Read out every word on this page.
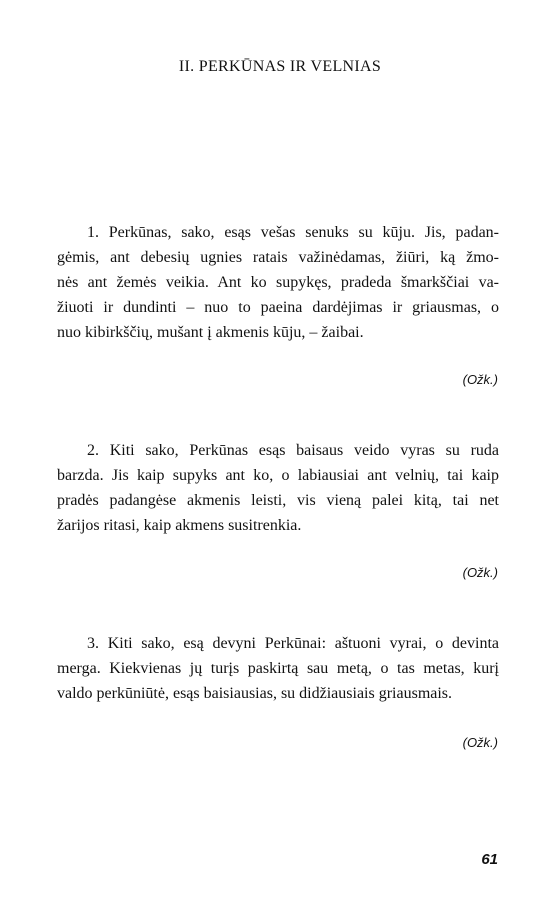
II. PERKŪNAS IR VELNIAS
1. Perkūnas, sako, esąs vešas senuks su kūju. Jis, padan-
gėmis, ant debesių ugnies ratais važinėdamas, žiūri, ką žmo-
nės ant žemės veikia. Ant ko supykęs, pradeda šmarkščiai va-
žiuoti ir dundinti – nuo to paeina dardėjimas ir griausmas, o
nuo kibirkščių, mušant į akmenis kūju, – žaibai.
(Ožk.)
2. Kiti sako, Perkūnas esąs baisaus veido vyras su ruda
barzda. Jis kaip supyks ant ko, o labiausiai ant velnių, tai kaip
pradės padangėse akmenis leisti, vis vieną palei kitą, tai net
žarijos ritasi, kaip akmens susitrenkia.
(Ožk.)
3. Kiti sako, esą devyni Perkūnai: aštuoni vyrai, o devinta
merga. Kiekvienas jų turįs paskirtą sau metą, o tas metas, kurį
valdo perkūniūtė, esąs baisiausias, su didžiausiais griausmais.
(Ožk.)
61
